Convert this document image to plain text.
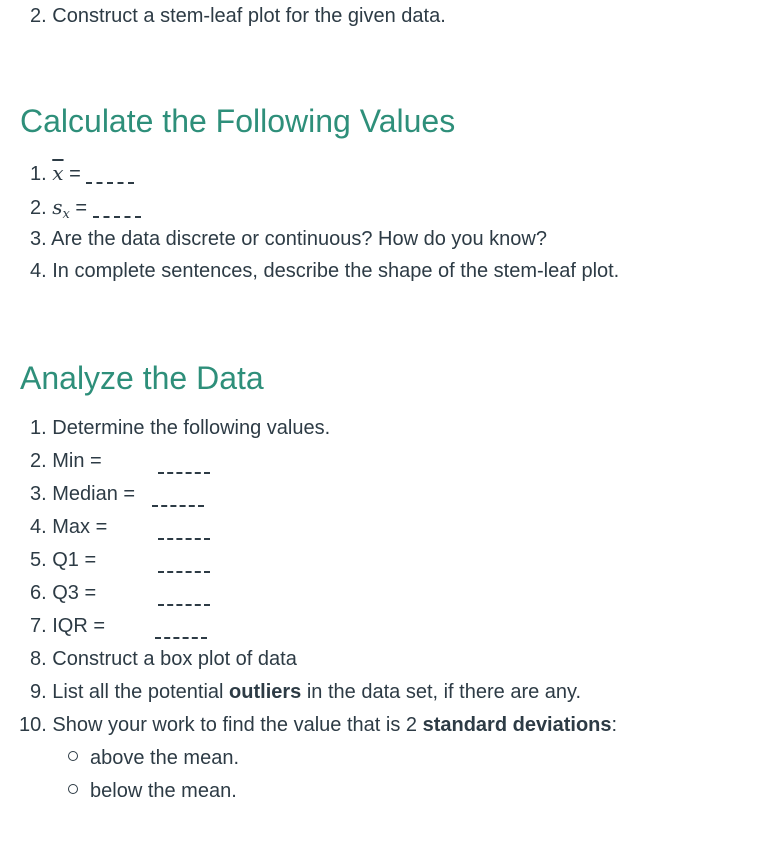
2. Construct a stem-leaf plot for the given data.
Calculate the Following Values
1. $\overline{x}$ =
2. $s_x$ =
3. Are the data discrete or continuous? How do you know?
4. In complete sentences, describe the shape of the stem-leaf plot.
Analyze the Data
1. Determine the following values.
2. Min =
3. Median =
4. Max =
5. Q1 =
6. Q3 =
7. IQR =
8. Construct a box plot of data
9. List all the potential outliers in the data set, if there are any.
10. Show your work to find the value that is 2 standard deviations:
above the mean.
below the mean.
